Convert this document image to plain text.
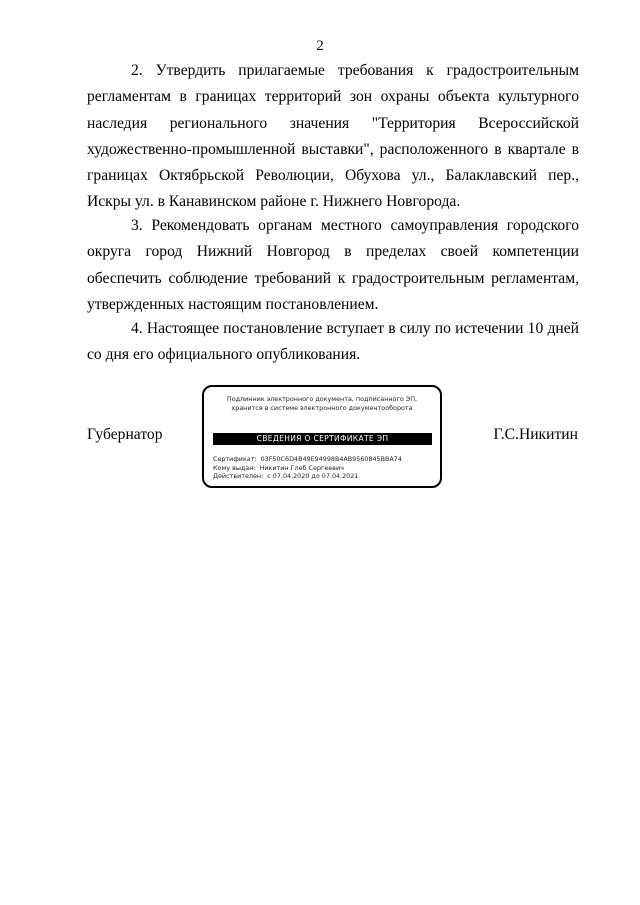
2

2. Утвердить прилагаемые требования к градостроительным регламентам в границах территорий зон охраны объекта культурного наследия регионального значения "Территория Всероссийской художественно-промышленной выставки", расположенного в квартале в границах Октябрьской Революции, Обухова ул., Балаклавский пер., Искры ул. в Канавинском районе г. Нижнего Новгорода.

3. Рекомендовать органам местного самоуправления городского округа город Нижний Новгород в пределах своей компетенции обеспечить соблюдение требований к градостроительным регламентам, утвержденных настоящим постановлением.

4. Настоящее постановление вступает в силу по истечении 10 дней со дня его официального опубликования.

Губернатор
Подлинник электронного документа, подписанного ЭП,
хранится в системе электронного документооборота
СВЕДЕНИЯ О СЕРТИФИКАТЕ ЭП
Сертификат: 03F50C6D4B49E94998B4AB9560845BBA74
Кому выдан: Никитин Глеб Сергеевич
Действителен: с 07.04.2020 до 07.04.2021
Г.С.Никитин
